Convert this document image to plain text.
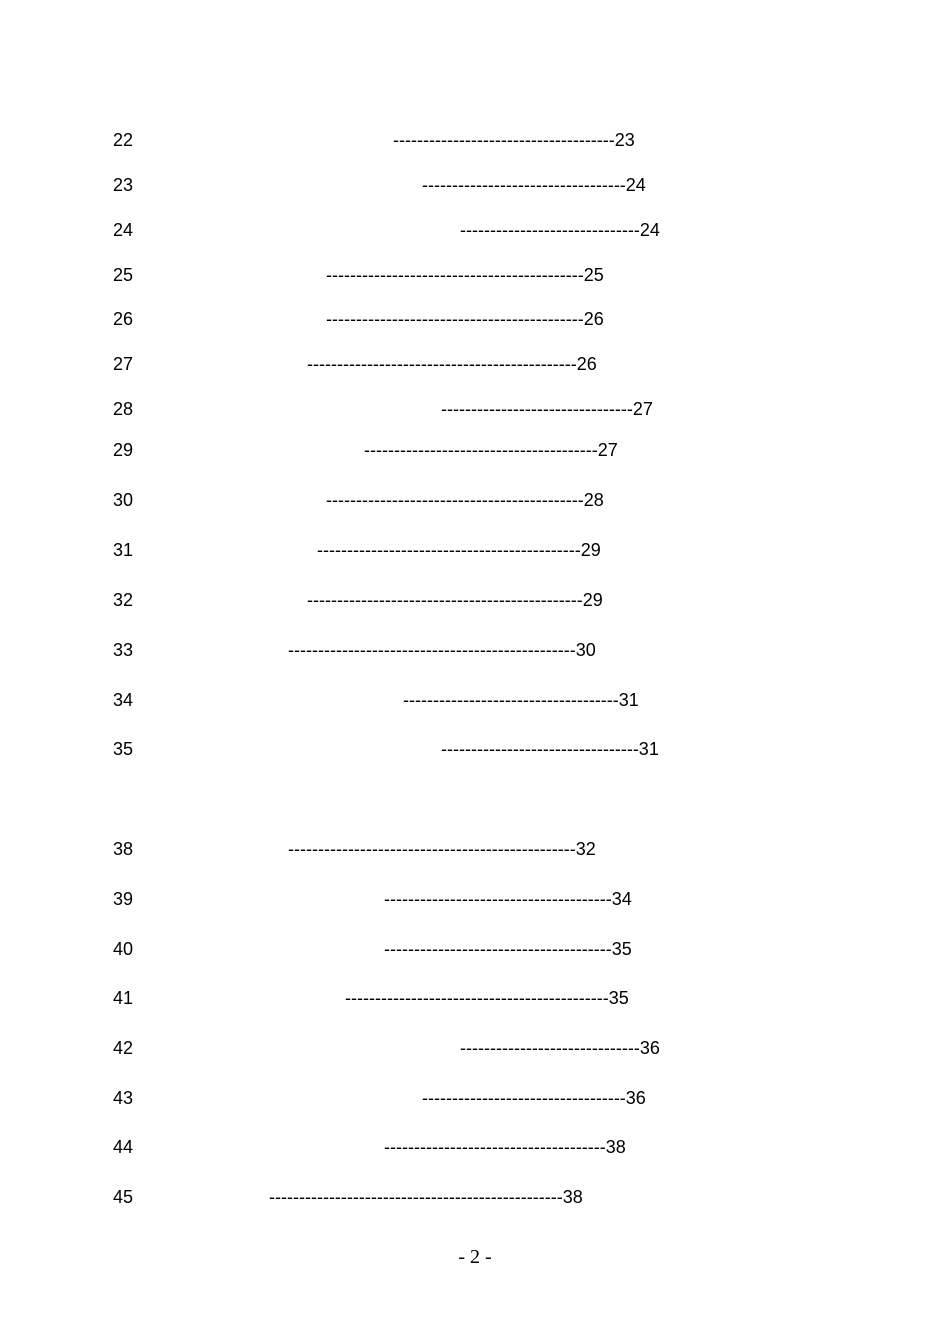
22	-------------------------------------23
23	----------------------------------24
24	------------------------------24
25	-------------------------------------------25
26	-------------------------------------------26
27	---------------------------------------------26
28	--------------------------------27
29	---------------------------------------27
30	-------------------------------------------28
31	--------------------------------------------29
32	----------------------------------------------29
33	------------------------------------------------30
34	------------------------------------31
35	---------------------------------31
38	------------------------------------------------32
39	--------------------------------------34
40	--------------------------------------35
41	--------------------------------------------35
42	------------------------------36
43	----------------------------------36
44	-------------------------------------38
45	-------------------------------------------------38
- 2 -
